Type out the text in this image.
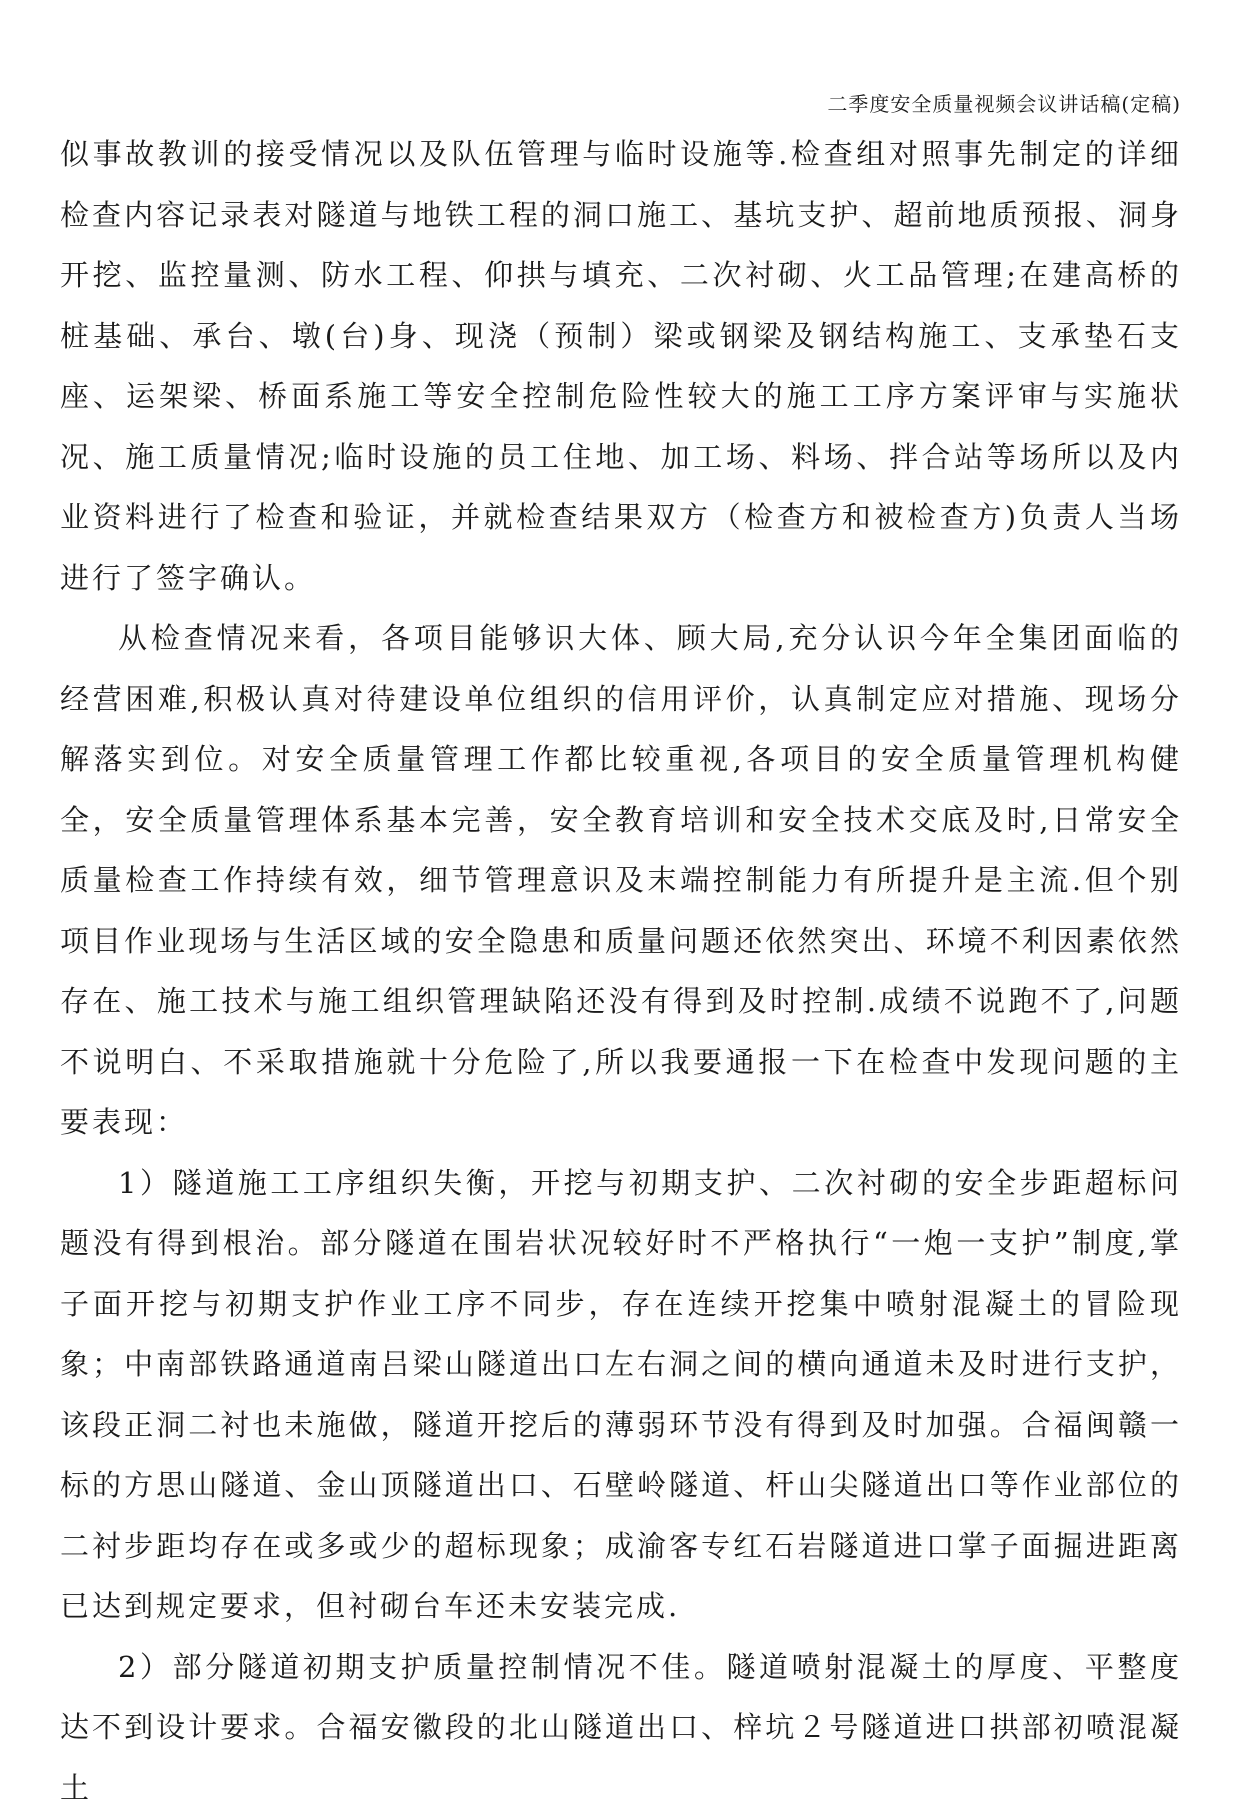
二季度安全质量视频会议讲话稿(定稿)

似事故教训的接受情况以及队伍管理与临时设施等.检查组对照事先制定的详细检查内容记录表对隧道与地铁工程的洞口施工、基坑支护、超前地质预报、洞身开挖、监控量测、防水工程、仰拱与填充、二次衬砌、火工品管理;在建高桥的桩基础、承台、墩(台)身、现浇（预制）梁或钢梁及钢结构施工、支承垫石支座、运架梁、桥面系施工等安全控制危险性较大的施工工序方案评审与实施状况、施工质量情况;临时设施的员工住地、加工场、料场、拌合站等场所以及内业资料进行了检查和验证，并就检查结果双方（检查方和被检查方)负责人当场进行了签字确认。

从检查情况来看，各项目能够识大体、顾大局,充分认识今年全集团面临的经营困难,积极认真对待建设单位组织的信用评价，认真制定应对措施、现场分解落实到位。对安全质量管理工作都比较重视,各项目的安全质量管理机构健全，安全质量管理体系基本完善，安全教育培训和安全技术交底及时,日常安全质量检查工作持续有效，细节管理意识及末端控制能力有所提升是主流.但个别项目作业现场与生活区域的安全隐患和质量问题还依然突出、环境不利因素依然存在、施工技术与施工组织管理缺陷还没有得到及时控制.成绩不说跑不了,问题不说明白、不采取措施就十分危险了,所以我要通报一下在检查中发现问题的主要表现：

1）隧道施工工序组织失衡，开挖与初期支护、二次衬砌的安全步距超标问题没有得到根治。部分隧道在围岩状况较好时不严格执行“一炮一支护”制度,掌子面开挖与初期支护作业工序不同步，存在连续开挖集中喷射混凝土的冒险现象；中南部铁路通道南吕梁山隧道出口左右洞之间的横向通道未及时进行支护，该段正洞二衬也未施做，隧道开挖后的薄弱环节没有得到及时加强。合福闽赣一标的方思山隧道、金山顶隧道出口、石壁岭隧道、杆山尖隧道出口等作业部位的二衬步距均存在或多或少的超标现象；成渝客专红石岩隧道进口掌子面掘进距离已达到规定要求，但衬砌台车还未安装完成.

2）部分隧道初期支护质量控制情况不佳。隧道喷射混凝土的厚度、平整度达不到设计要求。合福安徽段的北山隧道出口、梓坑２号隧道进口拱部初喷混凝土
